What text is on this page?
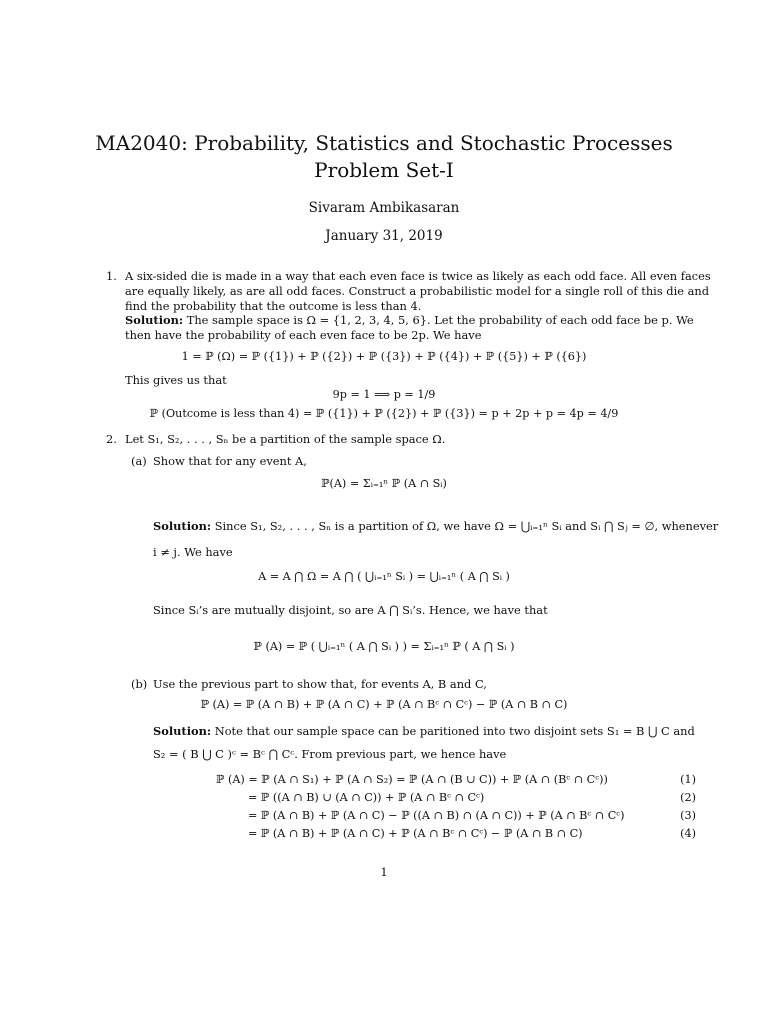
MA2040: Probability, Statistics and Stochastic Processes
Problem Set-I
Sivaram Ambikasaran
January 31, 2019
1. A six-sided die is made in a way that each even face is twice as likely as each odd face. All even faces
are equally likely, as are all odd faces. Construct a probabilistic model for a single roll of this die and
find the probability that the outcome is less than 4.
Solution: The sample space is Ω = {1, 2, 3, 4, 5, 6}. Let the probability of each odd face be p. We
then have the probability of each even face to be 2p. We have
1 = ℙ (Ω) = ℙ ({1}) + ℙ ({2}) + ℙ ({3}) + ℙ ({4}) + ℙ ({5}) + ℙ ({6})
This gives us that
9p = 1 ⟹ p = 1/9
ℙ (Outcome is less than 4) = ℙ ({1}) + ℙ ({2}) + ℙ ({3}) = p + 2p + p = 4p = 4/9
2. Let S₁, S₂, . . . , Sₙ be a partition of the sample space Ω.
(a) Show that for any event A,
ℙ(A) = Σᵢ₌₁ⁿ ℙ (A ∩ Sᵢ)
Solution: Since S₁, S₂, . . . , Sₙ is a partition of Ω, we have Ω = ⋃ᵢ₌₁ⁿ Sᵢ and Sᵢ ⋂ Sⱼ = ∅, whenever
i ≠ j. We have
A = A ⋂ Ω = A ⋂ ( ⋃ᵢ₌₁ⁿ Sᵢ ) = ⋃ᵢ₌₁ⁿ ( A ⋂ Sᵢ )
Since Sᵢ’s are mutually disjoint, so are A ⋂ Sᵢ’s. Hence, we have that
ℙ (A) = ℙ ( ⋃ᵢ₌₁ⁿ ( A ⋂ Sᵢ ) ) = Σᵢ₌₁ⁿ ℙ ( A ⋂ Sᵢ )
(b) Use the previous part to show that, for events A, B and C,
ℙ (A) = ℙ (A ∩ B) + ℙ (A ∩ C) + ℙ (A ∩ Bᶜ ∩ Cᶜ) − ℙ (A ∩ B ∩ C)
Solution: Note that our sample space can be paritioned into two disjoint sets S₁ = B ⋃ C and
S₂ = ( B ⋃ C )ᶜ = Bᶜ ⋂ Cᶜ. From previous part, we hence have
ℙ (A) = ℙ (A ∩ S₁) + ℙ (A ∩ S₂) = ℙ (A ∩ (B ∪ C)) + ℙ (A ∩ (Bᶜ ∩ Cᶜ))	(1)
= ℙ ((A ∩ B) ∪ (A ∩ C)) + ℙ (A ∩ Bᶜ ∩ Cᶜ)	(2)
= ℙ (A ∩ B) + ℙ (A ∩ C) − ℙ ((A ∩ B) ∩ (A ∩ C)) + ℙ (A ∩ Bᶜ ∩ Cᶜ)	(3)
= ℙ (A ∩ B) + ℙ (A ∩ C) + ℙ (A ∩ Bᶜ ∩ Cᶜ) − ℙ (A ∩ B ∩ C)	(4)
1
